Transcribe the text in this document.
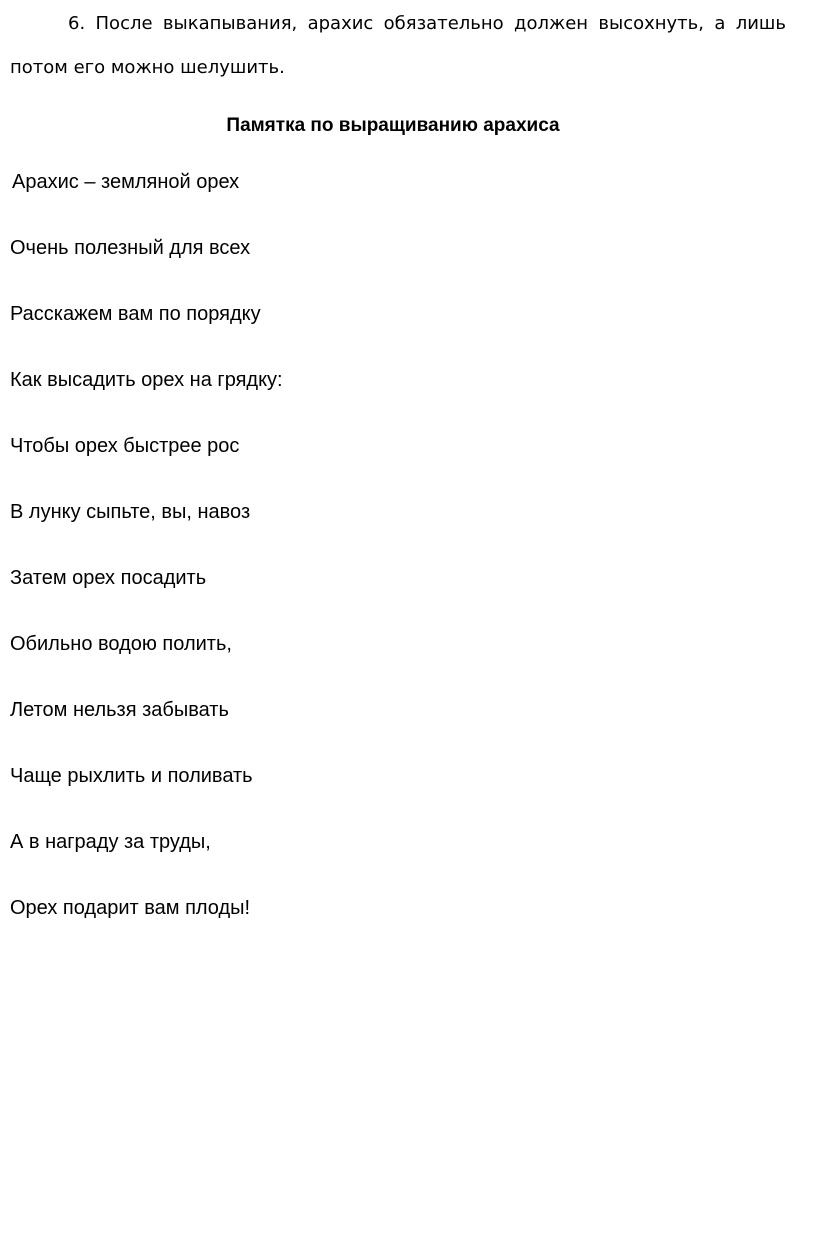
6. После выкапывания, арахис обязательно должен высохнуть, а лишь потом его можно шелушить.

Памятка по выращиванию арахиса
Арахис – земляной орех
Очень полезный для всех
Расскажем вам по порядку
Как высадить орех на грядку:
Чтобы орех быстрее рос
В лунку сыпьте, вы, навоз
Затем орех посадить
Обильно водою полить,
Летом нельзя забывать
Чаще рыхлить и поливать
А в награду за труды,
Орех подарит вам плоды!
